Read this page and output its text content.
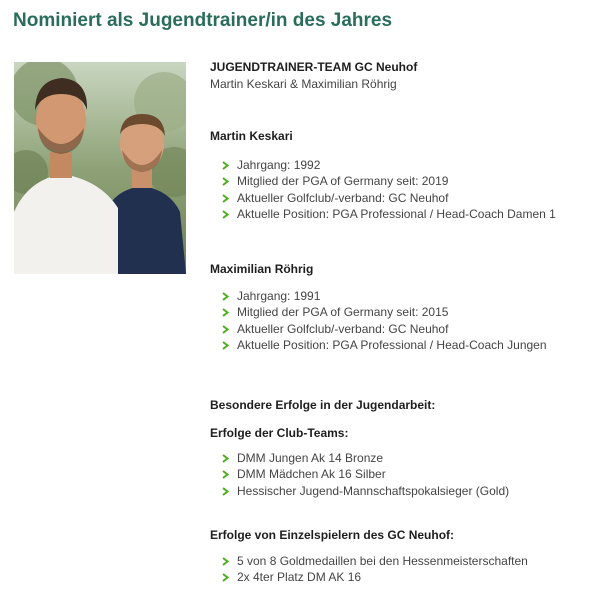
Nominiert als Jugendtrainer/in des Jahres
JUGENDTRAINER-TEAM GC Neuhof
Martin Keskari & Maximilian Röhrig
Martin Keskari
Jahrgang: 1992
Mitglied der PGA of Germany seit: 2019
Aktueller Golfclub/-verband: GC Neuhof
Aktuelle Position: PGA Professional / Head-Coach Damen 1
Maximilian Röhrig
Jahrgang: 1991
Mitglied der PGA of Germany seit: 2015
Aktueller Golfclub/-verband: GC Neuhof
Aktuelle Position: PGA Professional / Head-Coach Jungen
Besondere Erfolge in der Jugendarbeit:
Erfolge der Club-Teams:
DMM Jungen Ak 14 Bronze
DMM Mädchen Ak 16 Silber
Hessischer Jugend-Mannschaftspokalsieger (Gold)
Erfolge von Einzelspielern des GC Neuhof:
5 von 8 Goldmedaillen bei den Hessenmeisterschaften
2x 4ter Platz DM AK 16
